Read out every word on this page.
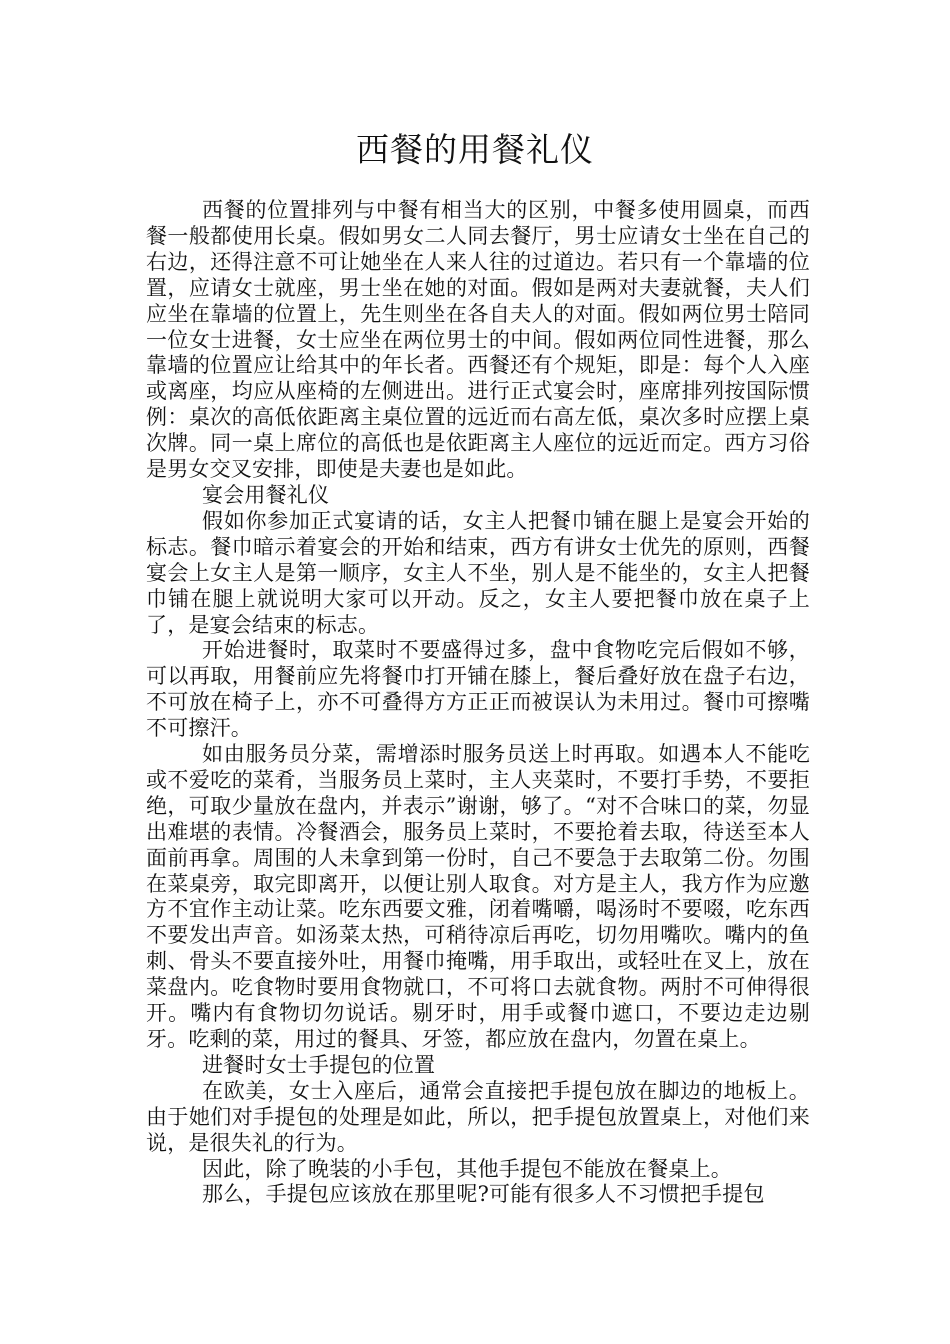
西餐的用餐礼仪

西餐的位置排列与中餐有相当大的区别，中餐多使用圆桌，而西餐一般都使用长桌。假如男女二人同去餐厅，男士应请女士坐在自己的右边，还得注意不可让她坐在人来人往的过道边。若只有一个靠墙的位置，应请女士就座，男士坐在她的对面。假如是两对夫妻就餐，夫人们应坐在靠墙的位置上，先生则坐在各自夫人的对面。假如两位男士陪同一位女士进餐，女士应坐在两位男士的中间。假如两位同性进餐，那么靠墙的位置应让给其中的年长者。西餐还有个规矩，即是：每个人入座或离座，均应从座椅的左侧进出。进行正式宴会时，座席排列按国际惯例：桌次的高低依距离主桌位置的远近而右高左低，桌次多时应摆上桌次牌。同一桌上席位的高低也是依距离主人座位的远近而定。西方习俗是男女交叉安排，即使是夫妻也是如此。

宴会用餐礼仪

假如你参加正式宴请的话，女主人把餐巾铺在腿上是宴会开始的标志。餐巾暗示着宴会的开始和结束，西方有讲女士优先的原则，西餐宴会上女主人是第一顺序，女主人不坐，别人是不能坐的，女主人把餐巾铺在腿上就说明大家可以开动。反之，女主人要把餐巾放在桌子上了，是宴会结束的标志。

开始进餐时，取菜时不要盛得过多，盘中食物吃完后假如不够，可以再取，用餐前应先将餐巾打开铺在膝上，餐后叠好放在盘子右边，不可放在椅子上，亦不可叠得方方正正而被误认为未用过。餐巾可擦嘴不可擦汗。

如由服务员分菜，需增添时服务员送上时再取。如遇本人不能吃或不爱吃的菜肴，当服务员上菜时，主人夹菜时，不要打手势，不要拒绝，可取少量放在盘内，并表示”谢谢，够了。“对不合味口的菜，勿显出难堪的表情。冷餐酒会，服务员上菜时，不要抢着去取，待送至本人面前再拿。周围的人未拿到第一份时，自己不要急于去取第二份。勿围在菜桌旁，取完即离开，以便让别人取食。对方是主人，我方作为应邀方不宜作主动让菜。吃东西要文雅，闭着嘴嚼，喝汤时不要啜，吃东西不要发出声音。如汤菜太热，可稍待凉后再吃，切勿用嘴吹。嘴内的鱼刺、骨头不要直接外吐，用餐巾掩嘴，用手取出，或轻吐在叉上，放在菜盘内。吃食物时要用食物就口，不可将口去就食物。两肘不可伸得很开。嘴内有食物切勿说话。剔牙时，用手或餐巾遮口，不要边走边剔牙。吃剩的菜，用过的餐具、牙签，都应放在盘内，勿置在桌上。

进餐时女士手提包的位置

在欧美，女士入座后，通常会直接把手提包放在脚边的地板上。由于她们对手提包的处理是如此，所以，把手提包放置桌上，对他们来说，是很失礼的行为。

因此，除了晚装的小手包，其他手提包不能放在餐桌上。

那么，手提包应该放在那里呢?可能有很多人不习惯把手提包
